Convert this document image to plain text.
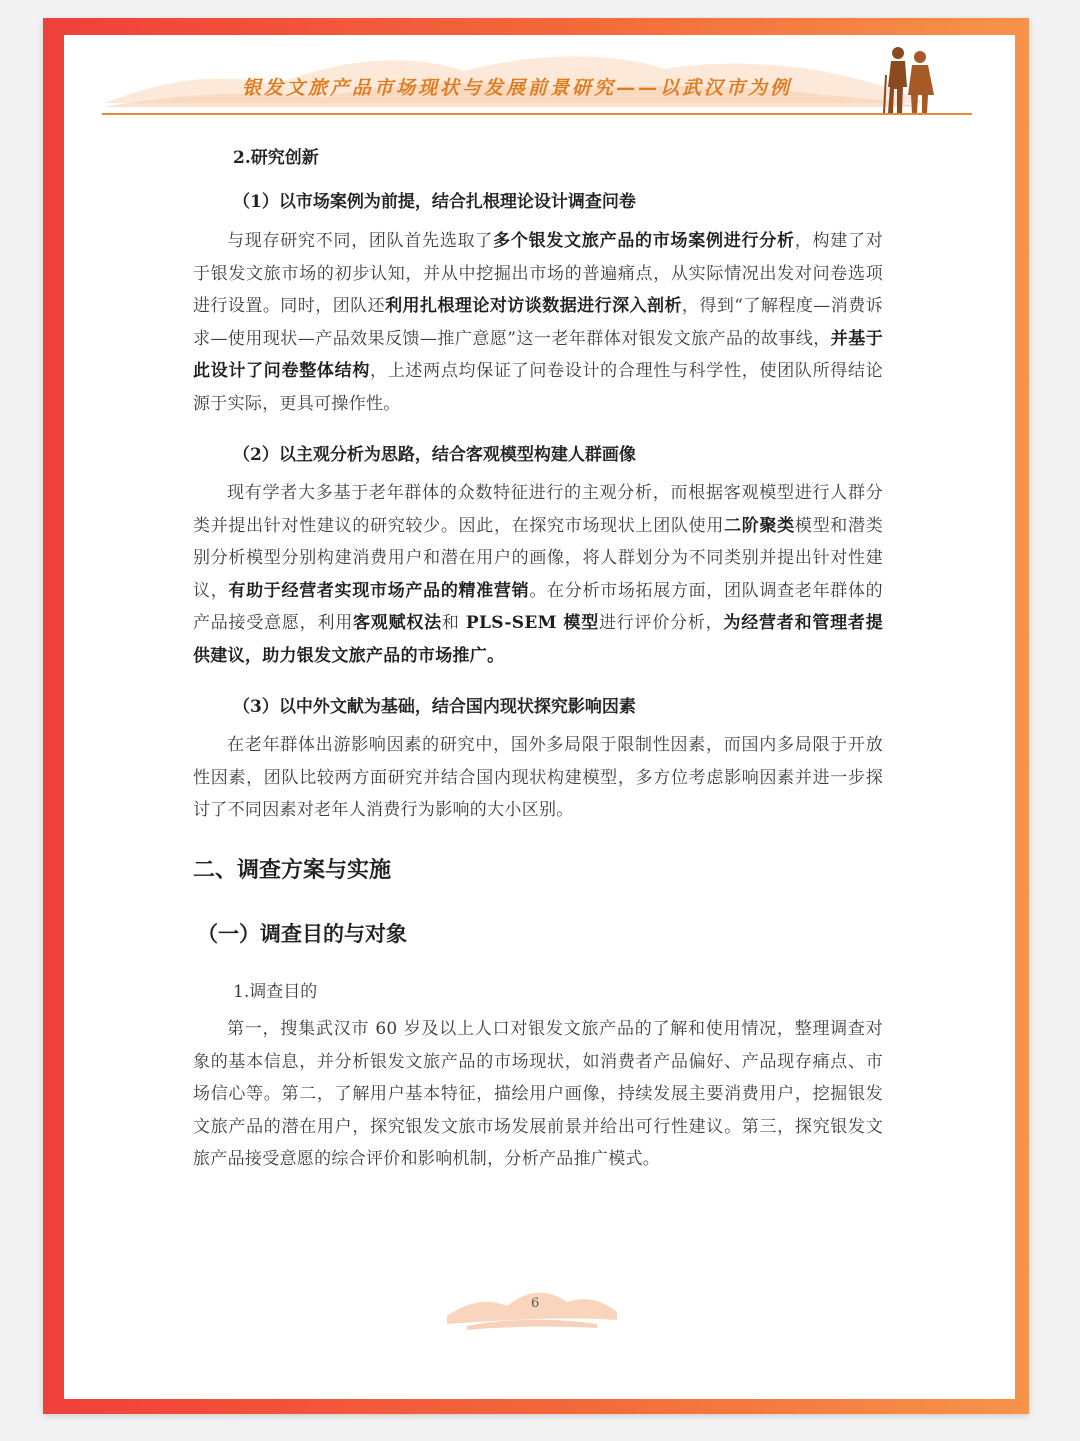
银发文旅产品市场现状与发展前景研究——以武汉市为例
2.研究创新
（1）以市场案例为前提，结合扎根理论设计调查问卷

与现存研究不同，团队首先选取了多个银发文旅产品的市场案例进行分析，构建了对于银发文旅市场的初步认知，并从中挖掘出市场的普遍痛点，从实际情况出发对问卷选项进行设置。同时，团队还利用扎根理论对访谈数据进行深入剖析，得到“了解程度—消费诉求—使用现状—产品效果反馈—推广意愿”这一老年群体对银发文旅产品的故事线，并基于此设计了问卷整体结构，上述两点均保证了问卷设计的合理性与科学性，使团队所得结论源于实际，更具可操作性。

（2）以主观分析为思路，结合客观模型构建人群画像

现有学者大多基于老年群体的众数特征进行的主观分析，而根据客观模型进行人群分类并提出针对性建议的研究较少。因此，在探究市场现状上团队使用二阶聚类模型和潜类别分析模型分别构建消费用户和潜在用户的画像，将人群划分为不同类别并提出针对性建议，有助于经营者实现市场产品的精准营销。在分析市场拓展方面，团队调查老年群体的产品接受意愿，利用客观赋权法和 PLS-SEM 模型进行评价分析，为经营者和管理者提供建议，助力银发文旅产品的市场推广。

（3）以中外文献为基础，结合国内现状探究影响因素

在老年群体出游影响因素的研究中，国外多局限于限制性因素，而国内多局限于开放性因素，团队比较两方面研究并结合国内现状构建模型，多方位考虑影响因素并进一步探讨了不同因素对老年人消费行为影响的大小区别。

二、调查方案与实施
（一）调查目的与对象
1.调查目的

第一，搜集武汉市 60 岁及以上人口对银发文旅产品的了解和使用情况，整理调查对象的基本信息，并分析银发文旅产品的市场现状，如消费者产品偏好、产品现存痛点、市场信心等。第二，了解用户基本特征，描绘用户画像，持续发展主要消费用户，挖掘银发文旅产品的潜在用户，探究银发文旅市场发展前景并给出可行性建议。第三，探究银发文旅产品接受意愿的综合评价和影响机制，分析产品推广模式。

6
